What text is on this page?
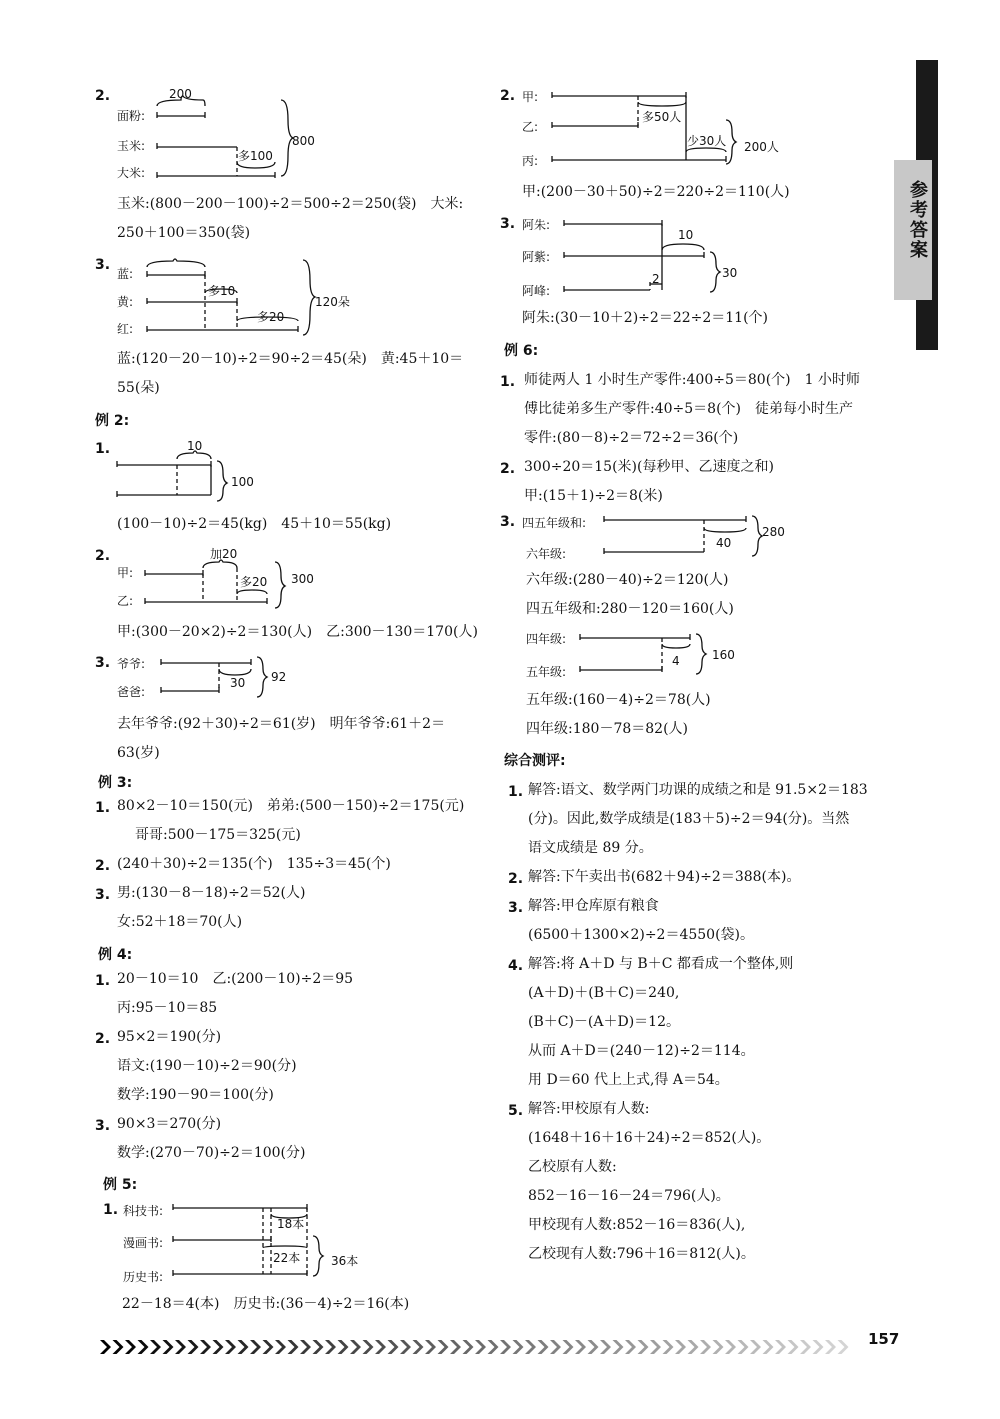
参考答案
2.
面粉:
玉米:
大米:
200
多100
800
玉米:(800－200－100)÷2＝500÷2＝250(袋)　大米:
250＋100＝350(袋)
3.
蓝:
黄:
红:
多10
多20
120朵
蓝:(120－20－10)÷2＝90÷2＝45(朵)　黄:45＋10＝
55(朵)
例 2:
1.	10
100
(100－10)÷2＝45(kg)　45＋10＝55(kg)
2.
甲:
乙:
加20
多20 300
甲:(300－20×2)÷2＝130(人)　乙:300－130＝170(人)
3. 爷爷:
爸爸:
30 92
去年爷爷:(92＋30)÷2＝61(岁)　明年爷爷:61＋2＝
63(岁)
例 3:
1. 80×2－10＝150(元)　弟弟:(500－150)÷2＝175(元)
哥哥:500－175＝325(元)
2. (240＋30)÷2＝135(个)　135÷3＝45(个)
3. 男:(130－8－18)÷2＝52(人)
女:52＋18＝70(人)
例 4:
1. 20－10＝10　乙:(200－10)÷2＝95
丙:95－10＝85
2. 95×2＝190(分)
语文:(190－10)÷2＝90(分)
数学:190－90＝100(分)
3. 90×3＝270(分)
数学:(270－70)÷2＝100(分)
例 5:
1. 科技书:
漫画书:
历史书:
18本
22本	36本
22－18＝4(本)　历史书:(36－4)÷2＝16(本)
2. 甲:
乙:
丙:
多50人
少30人 200人
甲:(200－30＋50)÷2＝220÷2＝110(人)
3. 阿朱:
阿紫:
阿峰:
10
2	30
阿朱:(30－10＋2)÷2＝22÷2＝11(个)
例 6:
1. 师徒两人 1 小时生产零件:400÷5＝80(个)　1 小时师
傅比徒弟多生产零件:40÷5＝8(个)　徒弟每小时生产
零件:(80－8)÷2＝72÷2＝36(个)
2. 300÷20＝15(米)(每秒甲、乙速度之和)
甲:(15＋1)÷2＝8(米)
3. 四五年级和:
六年级:
40
280
六年级:(280－40)÷2＝120(人)
四五年级和:280－120＝160(人)
四年级:
五年级:
4	160
五年级:(160－4)÷2＝78(人)
四年级:180－78＝82(人)
综合测评:
1. 解答:语文、数学两门功课的成绩之和是 91.5×2＝183
(分)。因此,数学成绩是(183＋5)÷2＝94(分)。当然
语文成绩是 89 分。
2. 解答:下午卖出书(682＋94)÷2＝388(本)。
3. 解答:甲仓库原有粮食
(6500＋1300×2)÷2＝4550(袋)。
4. 解答:将 A＋D 与 B＋C 都看成一个整体,则
(A＋D)＋(B＋C)＝240,
(B＋C)－(A＋D)＝12。
从而 A＋D＝(240－12)÷2＝114。
用 D＝60 代上上式,得 A＝54。
5. 解答:甲校原有人数:
(1648＋16＋16＋24)÷2＝852(人)。
乙校原有人数:
852－16－16－24＝796(人)。
甲校现有人数:852－16＝836(人),
乙校现有人数:796＋16＝812(人)。
157
